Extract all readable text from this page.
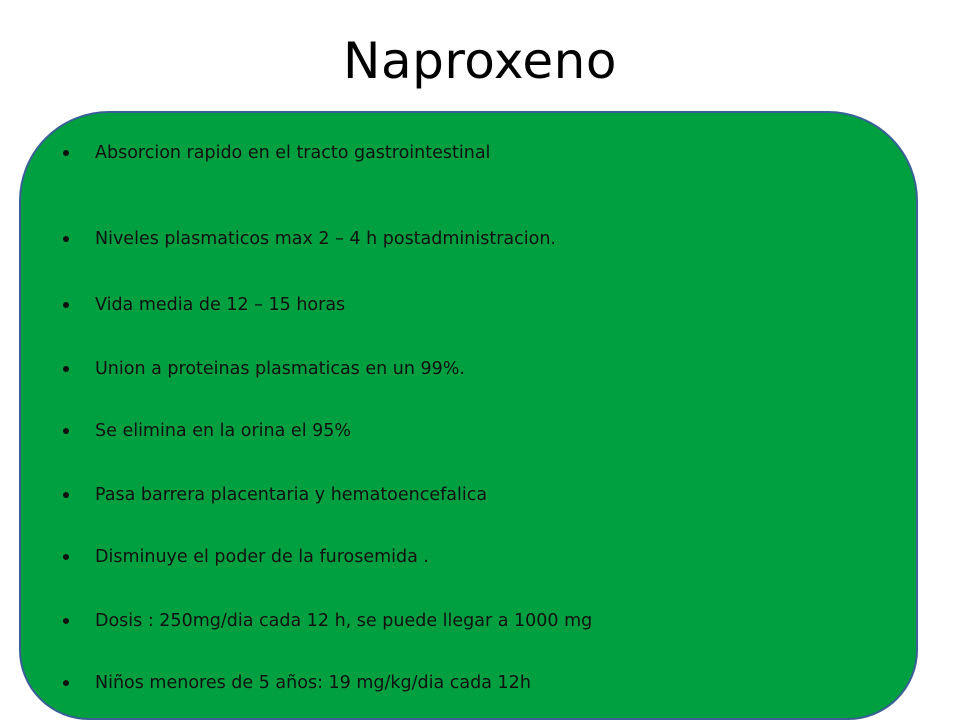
Naproxeno
Absorcion rapido en el tracto gastrointestinal
Niveles plasmaticos max 2 – 4 h postadministracion.
Vida media de 12 – 15 horas
Union a proteinas plasmaticas en un 99%.
Se elimina en la orina el 95%
Pasa barrera placentaria y hematoencefalica
Disminuye el poder de la furosemida .
Dosis : 250mg/dia cada 12 h, se puede llegar a 1000 mg
Niños menores de 5 años: 19 mg/kg/dia cada 12h
